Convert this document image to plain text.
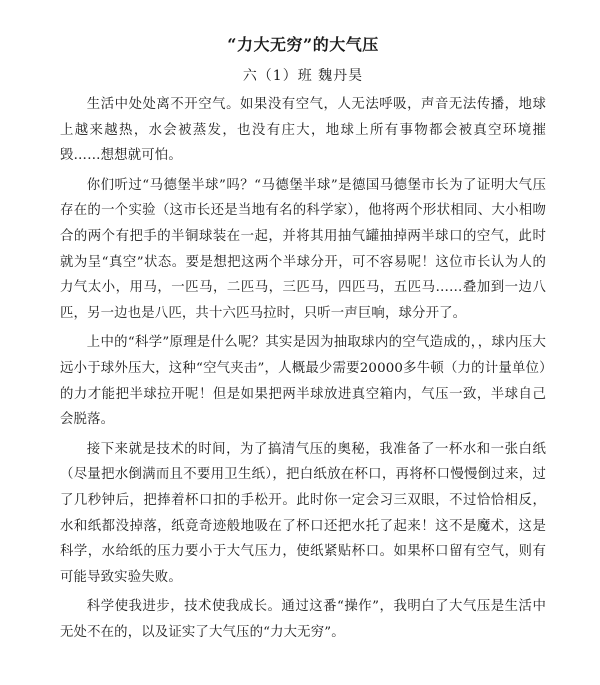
“力大无穷”的大气压
六（1）班 魏丹昊

生活中处处离不开空气。如果没有空气，人无法呼吸，声音无法传播，地球上越来越热，水会被蒸发，也没有庄大，地球上所有事物都会被真空环境摧毁……想想就可怕。

你们听过“马德堡半球”吗？“马德堡半球”是德国马德堡市长为了证明大气压存在的一个实验（这市长还是当地有名的科学家），他将两个形状相同、大小相吻合的两个有把手的半铜球装在一起，并将其用抽气罐抽掉两半球口的空气，此时就为呈“真空”状态。要是想把这两个半球分开，可不容易呢！这位市长认为人的力气太小，用马，一匹马，二匹马，三匹马，四匹马，五匹马……叠加到一边八匹，另一边也是八匹，共十六匹马拉时，只听一声巨响，球分开了。

上中的“科学”原理是什么呢？其实是因为抽取球内的空气造成的，，球内压大远小于球外压大，这种“空气夹击”，人概最少需要20000多牛顿（力的计量单位）的力才能把半球拉开呢！但是如果把两半球放进真空箱内，气压一致，半球自己会脱落。

接下来就是技术的时间，为了搞清气压的奥秘，我准备了一杯水和一张白纸（尽量把水倒满而且不要用卫生纸），把白纸放在杯口，再将杯口慢慢倒过来，过了几秒钟后，把捧着杯口扣的手松开。此时你一定会习三双眼，不过恰恰相反，水和纸都没掉落，纸竟奇迹般地吸在了杯口还把水托了起来！这不是魔术，这是科学，水给纸的压力要小于大气压力，使纸紧贴杯口。如果杯口留有空气，则有可能导致实验失败。

科学使我进步，技术使我成长。通过这番“操作”，我明白了大气压是生活中无处不在的，以及证实了大气压的“力大无穷”。
